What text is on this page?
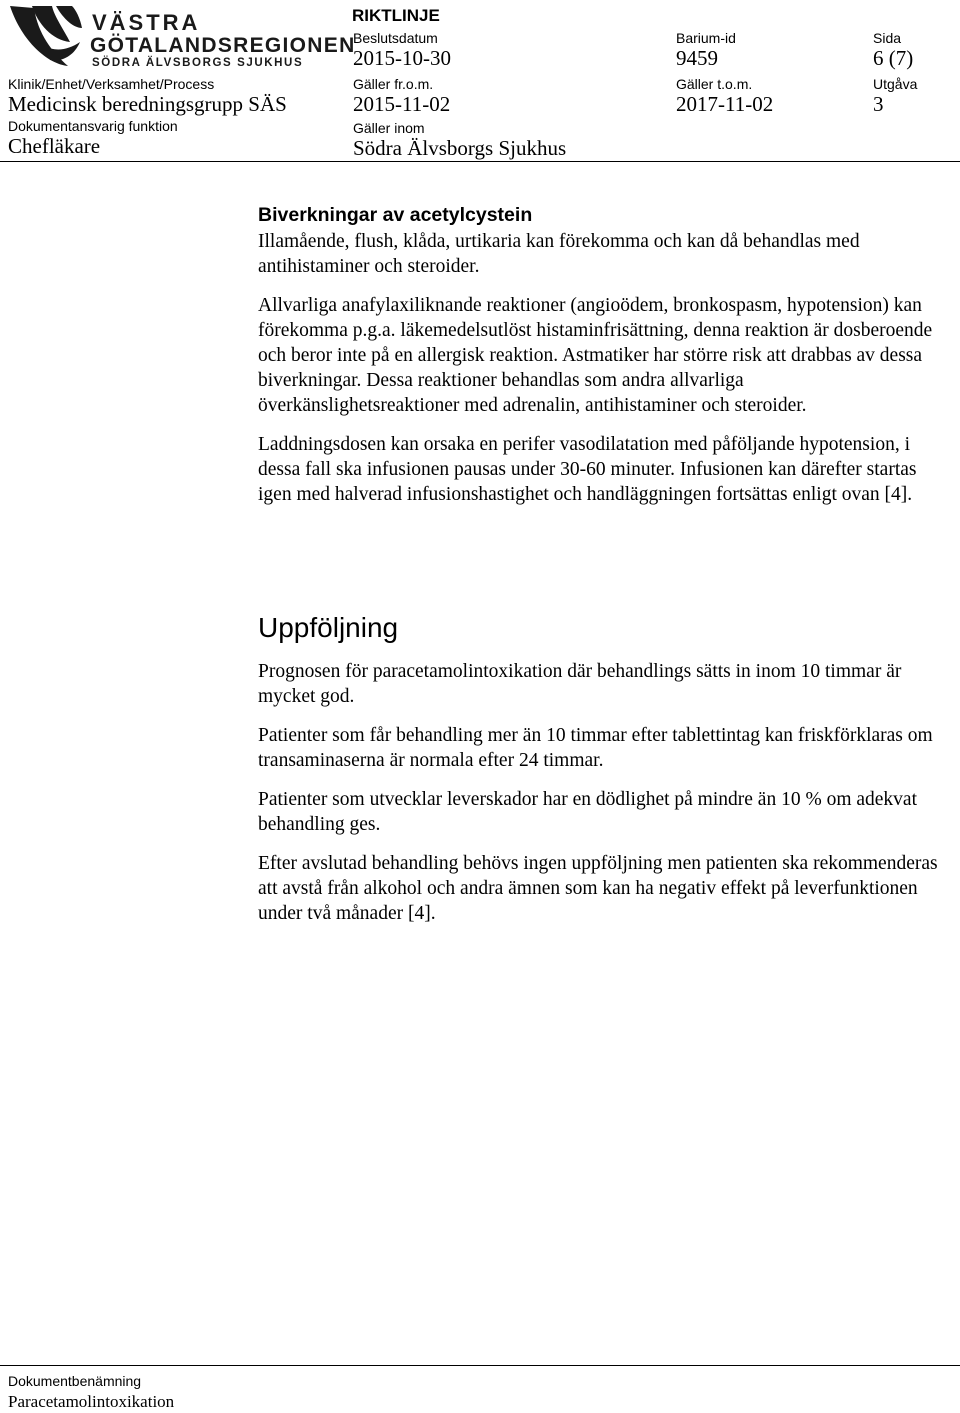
VÄSTRA
GÖTALANDSREGIONEN
SÖDRA ÄLVSBORGS SJUKHUS
RIKTLINJE
Klinik/Enhet/Verksamhet/Process
Medicinsk beredningsgrupp SÄS
Dokumentansvarig funktion
Chefläkare
Beslutsdatum
2015-10-30
Gäller fr.o.m.
2015-11-02
Gäller inom
Södra Älvsborgs Sjukhus
Barium-id
9459
Gäller t.o.m.
2017-11-02
Sida
6 (7)
Utgåva
3
Biverkningar av acetylcystein

Illamående, flush, klåda, urtikaria kan förekomma och kan då behandlas med antihistaminer och steroider.

Allvarliga anafylaxiliknande reaktioner (angioödem, bronkospasm, hypotension) kan förekomma p.g.a. läkemedelsutlöst histaminfrisättning, denna reaktion är dosberoende och beror inte på en allergisk reaktion. Astmatiker har större risk att drabbas av dessa biverkningar. Dessa reaktioner behandlas som andra allvarliga överkänslighetsreaktioner med adrenalin, antihistaminer och steroider.

Laddningsdosen kan orsaka en perifer vasodilatation med påföljande hypotension, i dessa fall ska infusionen pausas under 30-60 minuter. Infusionen kan därefter startas igen med halverad infusionshastighet och handläggningen fortsättas enligt ovan [4].

Uppföljning

Prognosen för paracetamolintoxikation där behandlings sätts in inom 10 timmar är mycket god.

Patienter som får behandling mer än 10 timmar efter tablettintag kan friskförklaras om transaminaserna är normala efter 24 timmar.

Patienter som utvecklar leverskador har en dödlighet på mindre än 10 % om adekvat behandling ges.

Efter avslutad behandling behövs ingen uppföljning men patienten ska rekommenderas att avstå från alkohol och andra ämnen som kan ha negativ effekt på leverfunktionen under två månader [4].

Dokumentbenämning
Paracetamolintoxikation
